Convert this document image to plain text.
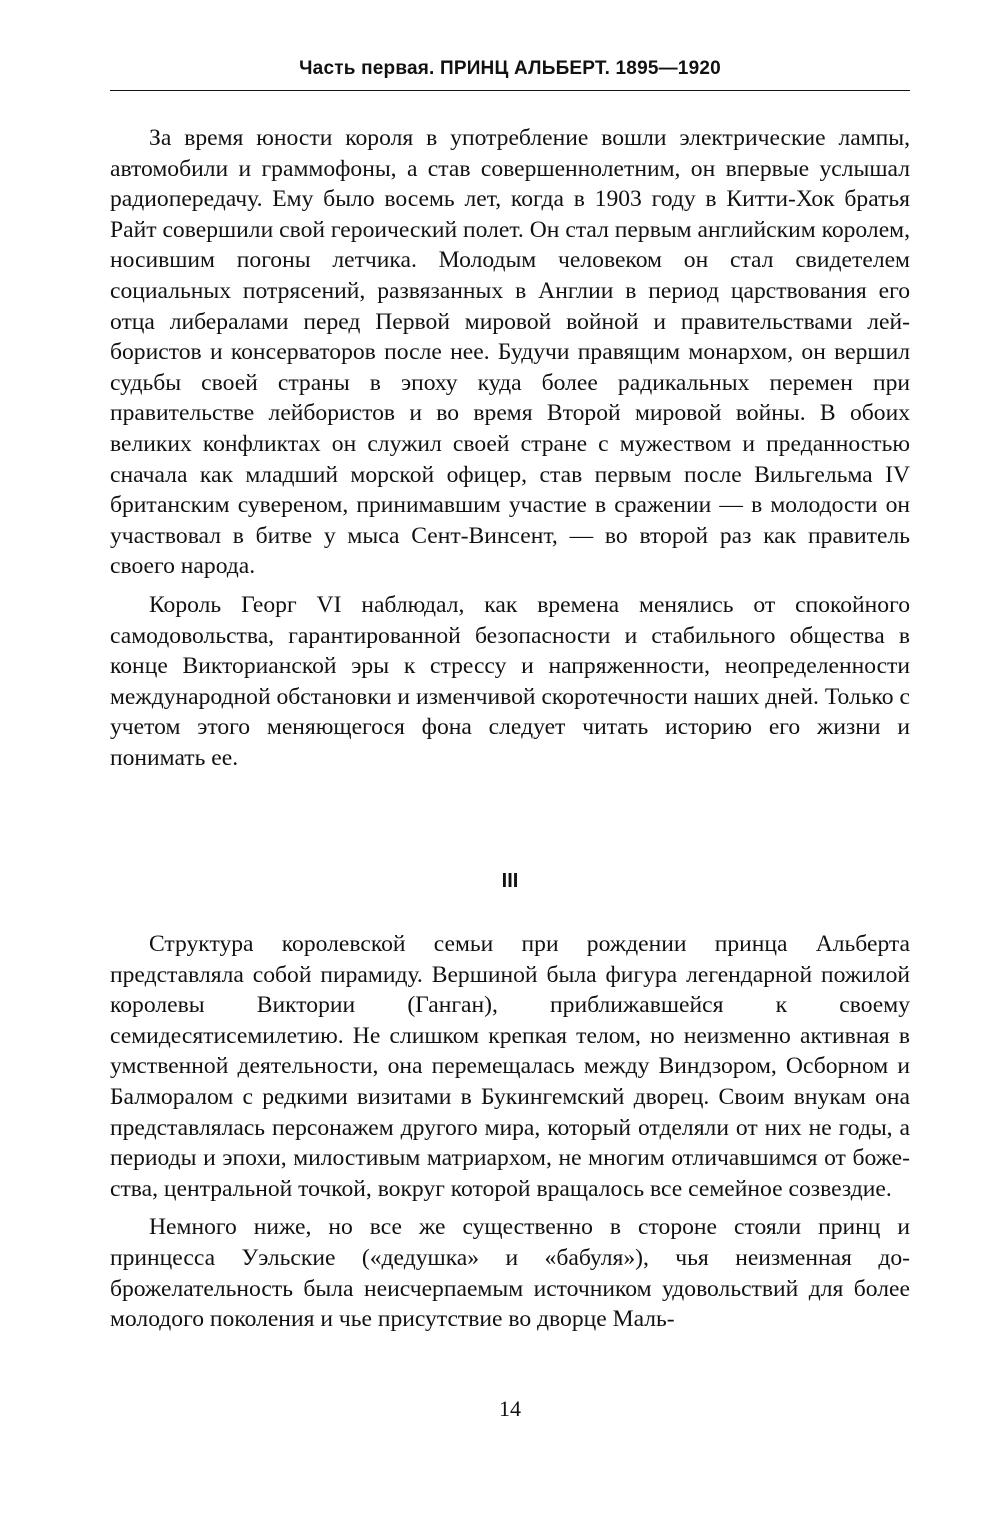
Часть первая. ПРИНЦ АЛЬБЕРТ. 1895—1920

За время юности короля в употребление вошли электрические лампы, автомобили и граммофоны, а став совершеннолетним, он впервые услышал радиопередачу. Ему было восемь лет, когда в 1903 году в Китти-Хок братья Райт совершили свой героический полет. Он стал первым английским королем, носившим погоны летчика. Молодым человеком он стал свидетелем социальных потрясений, развязанных в Англии в период царствования его отца либералами перед Первой мировой войной и правительствами лейбористов и консерваторов после нее. Будучи правящим монархом, он вершил судьбы своей страны в эпоху куда более радикальных перемен при правительстве лейбористов и во время Второй мировой войны. В обоих великих конфликтах он служил своей стране с мужеством и преданностью сначала как младший морской офицер, став первым после Вильгельма IV британским сувереном, принимавшим участие в сражении — в молодости он участвовал в битве у мыса Сент-Винсент, — во второй раз как правитель своего народа.

Король Георг VI наблюдал, как времена менялись от спокойного самодовольства, гарантированной безопасности и стабильного общества в конце Викторианской эры к стрессу и напряженности, неопределенности международной обстановки и изменчивой скоротечности наших дней. Только с учетом этого меняющегося фона следует читать историю его жизни и понимать ее.

III

Структура королевской семьи при рождении принца Альберта представляла собой пирамиду. Вершиной была фигура легендарной пожилой королевы Виктории (Ганган), приближавшейся к своему семидесятисемилетию. Не слишком крепкая телом, но неизменно активная в умственной деятельности, она перемещалась между Виндзором, Осборном и Балморалом с редкими визитами в Букингемский дворец. Своим внукам она представлялась персонажем другого мира, который отделяли от них не годы, а периоды и эпохи, милостивым матриархом, не многим отличавшимся от божества, центральной точкой, вокруг которой вращалось все семейное созвездие.

Немного ниже, но все же существенно в стороне стояли принц и принцесса Уэльские («дедушка» и «бабуля»), чья неизменная доброжелательность была неисчерпаемым источником удовольствий для более молодого поколения и чье присутствие во дворце Маль-

14
